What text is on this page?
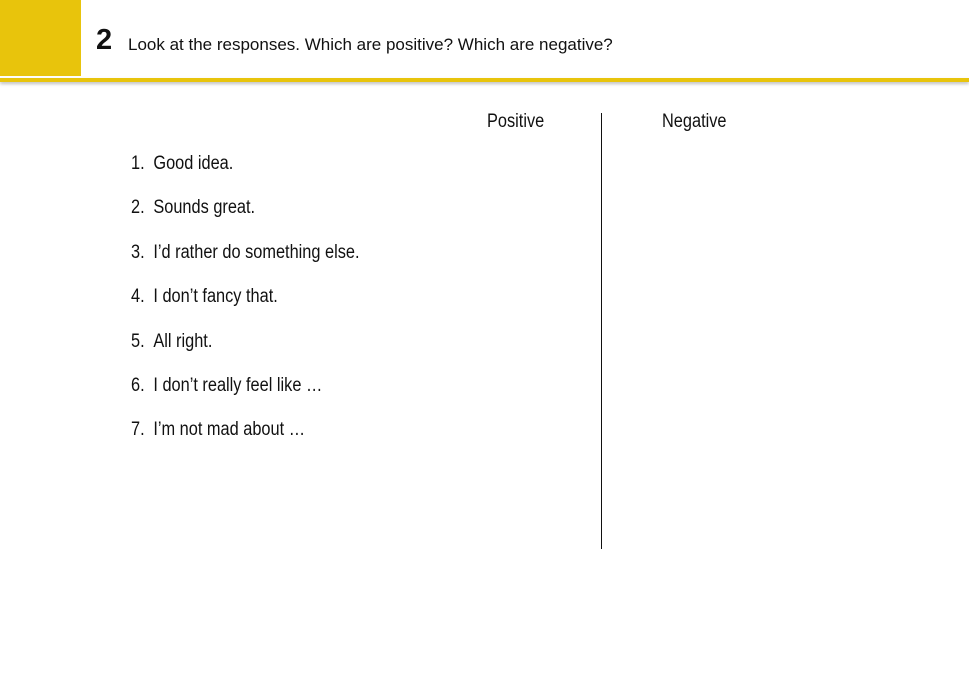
2 Look at the responses. Which are positive? Which are negative?
Positive	Negative
1. Good idea.
2. Sounds great.
3. I’d rather do something else.
4. I don’t fancy that.
5. All right.
6. I don’t really feel like …
7. I’m not mad about …
